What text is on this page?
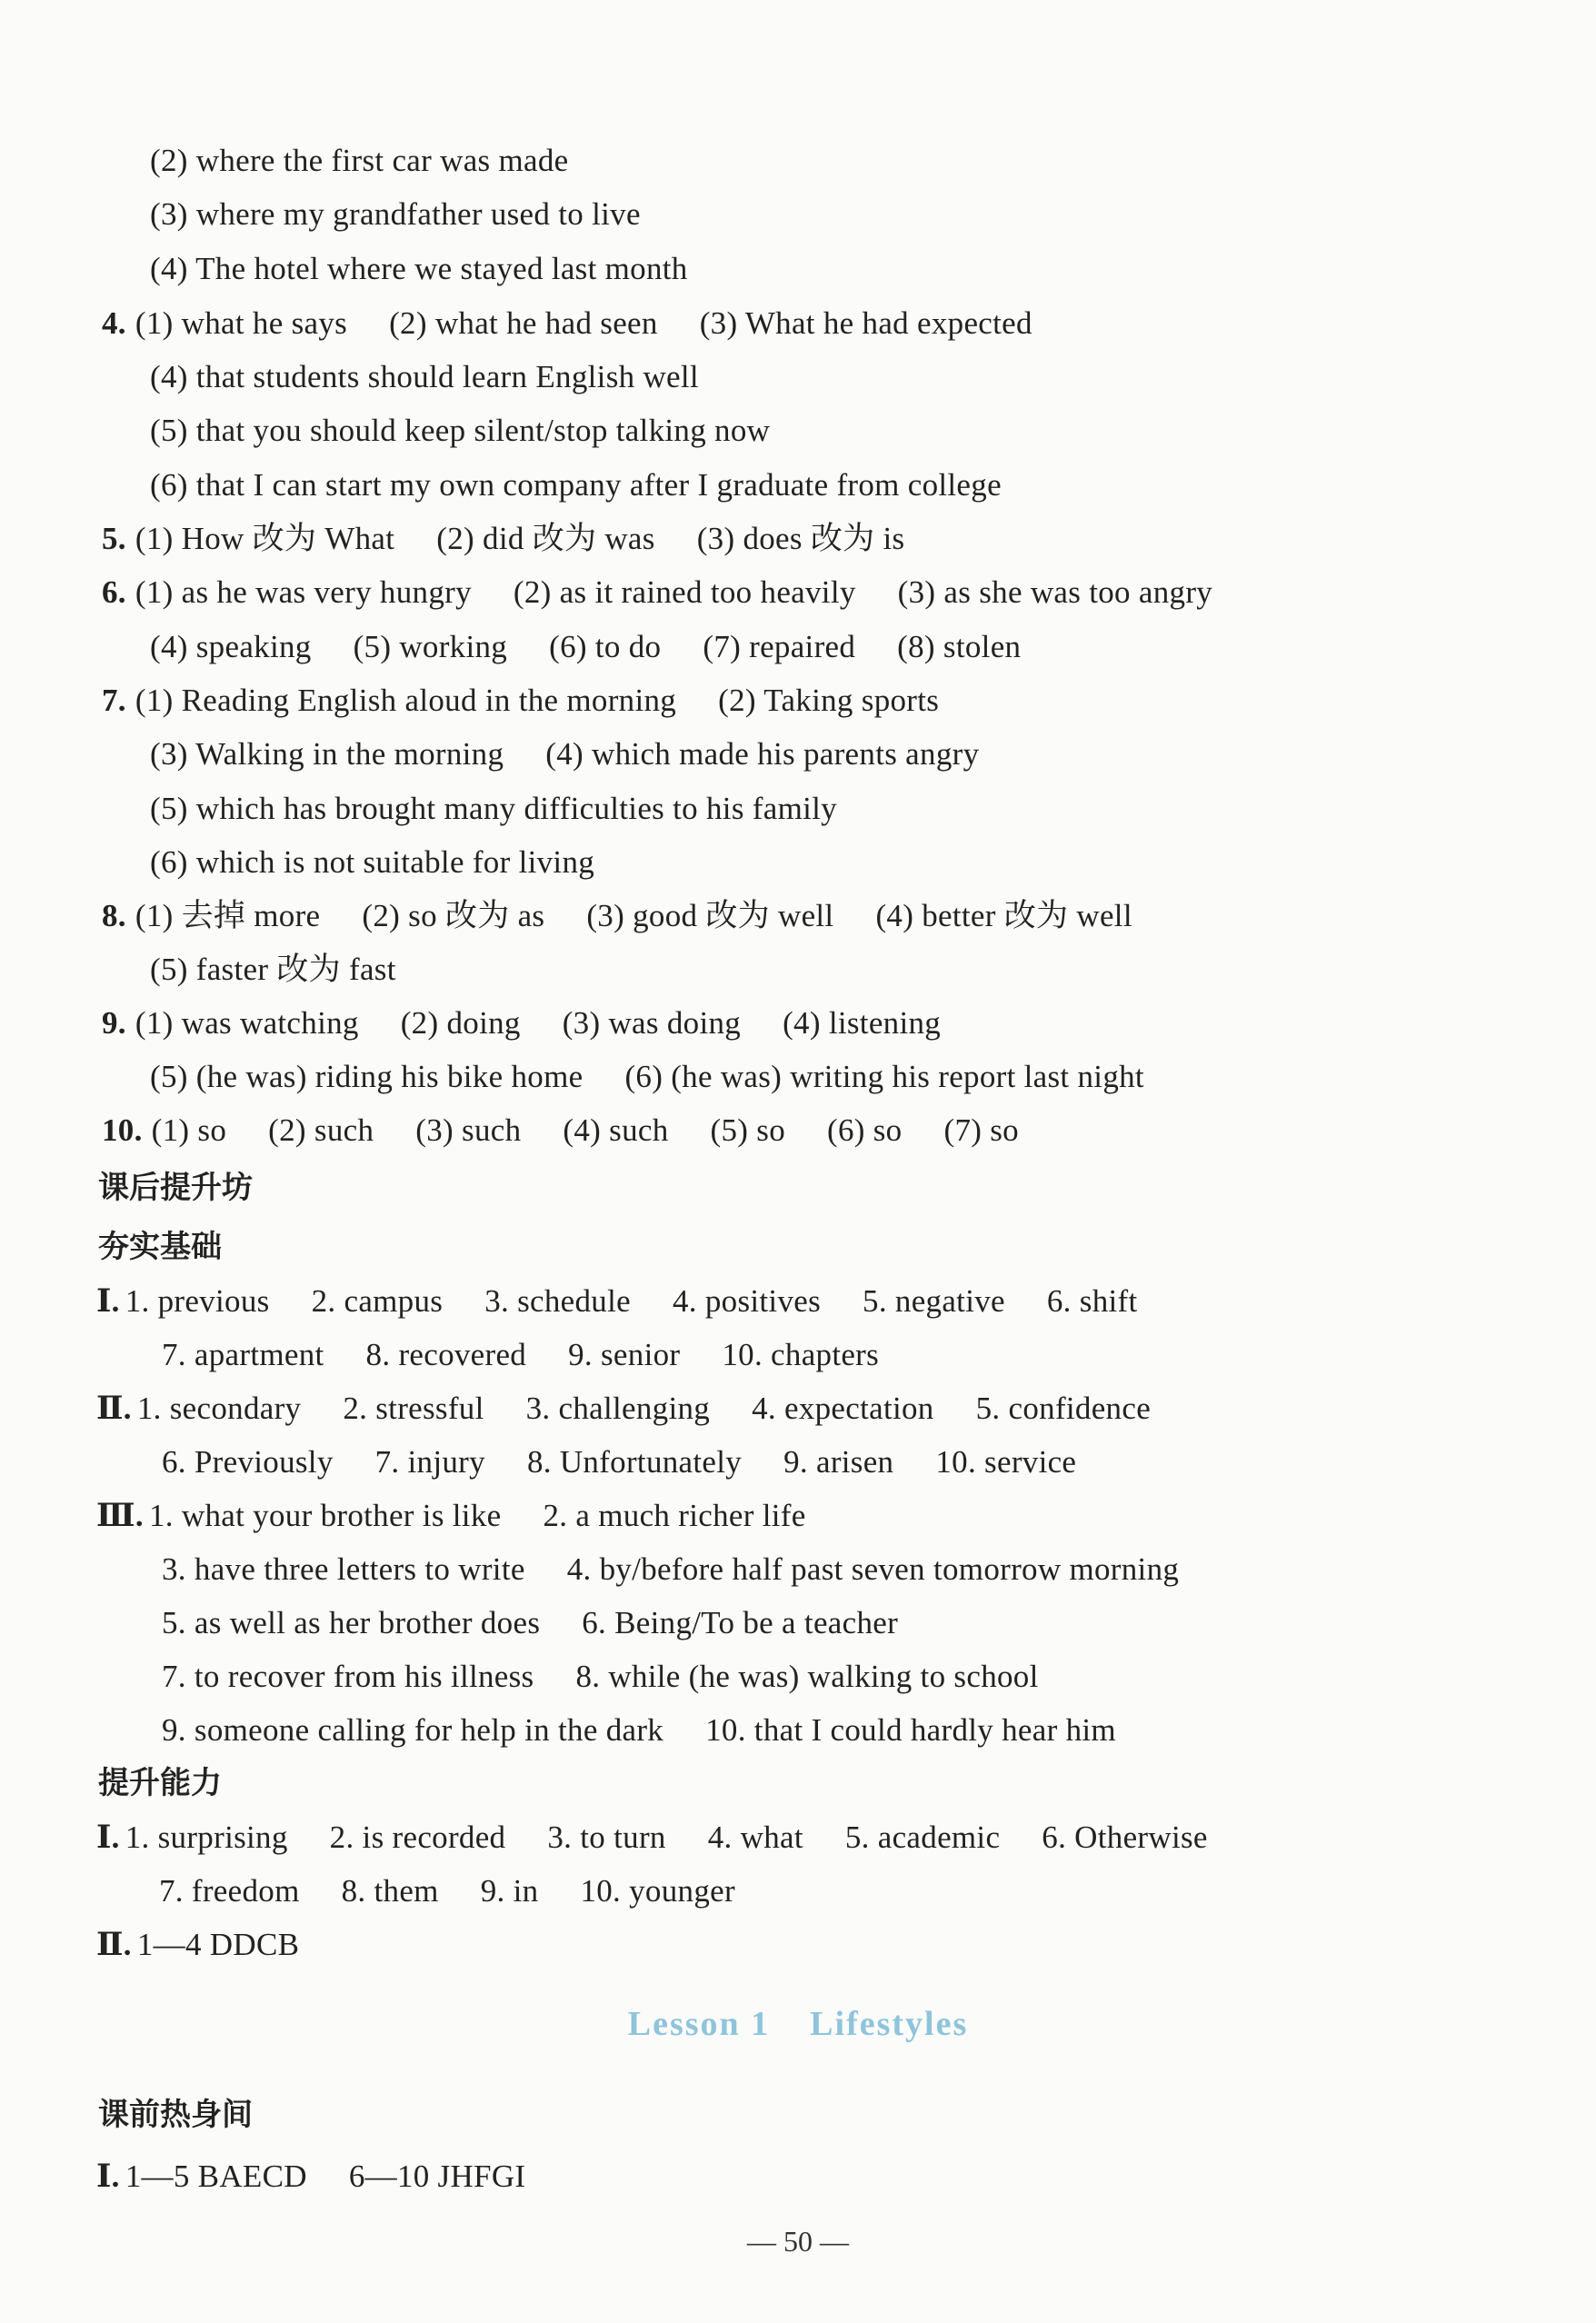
(2) where the first car was made
(3) where my grandfather used to live
(4) The hotel where we stayed last month
4. (1) what he says (2) what he had seen (3) What he had expected
(4) that students should learn English well
(5) that you should keep silent/stop talking now
(6) that I can start my own company after I graduate from college
5. (1) How 改为 What (2) did 改为 was (3) does 改为 is
6. (1) as he was very hungry (2) as it rained too heavily (3) as she was too angry
(4) speaking (5) working (6) to do (7) repaired (8) stolen
7. (1) Reading English aloud in the morning (2) Taking sports
(3) Walking in the morning (4) which made his parents angry
(5) which has brought many difficulties to his family
(6) which is not suitable for living
8. (1) 去掉 more (2) so 改为 as (3) good 改为 well (4) better 改为 well
(5) faster 改为 fast
9. (1) was watching (2) doing (3) was doing (4) listening
(5) (he was) riding his bike home (6) (he was) writing his report last night
10. (1) so (2) such (3) such (4) such (5) so (6) so (7) so
课后提升坊
夯实基础
Ⅰ. 1. previous 2. campus 3. schedule 4. positives 5. negative 6. shift
7. apartment 8. recovered 9. senior 10. chapters
Ⅱ. 1. secondary 2. stressful 3. challenging 4. expectation 5. confidence
6. Previously 7. injury 8. Unfortunately 9. arisen 10. service
Ⅲ. 1. what your brother is like 2. a much richer life
3. have three letters to write 4. by/before half past seven tomorrow morning
5. as well as her brother does 6. Being/To be a teacher
7. to recover from his illness 8. while (he was) walking to school
9. someone calling for help in the dark 10. that I could hardly hear him
提升能力
Ⅰ. 1. surprising 2. is recorded 3. to turn 4. what 5. academic 6. Otherwise
7. freedom 8. them 9. in 10. younger
Ⅱ. 1—4 DDCB
Lesson 1 Lifestyles
课前热身间
Ⅰ. 1—5 BAECD 6—10 JHFGI
— 50 —
